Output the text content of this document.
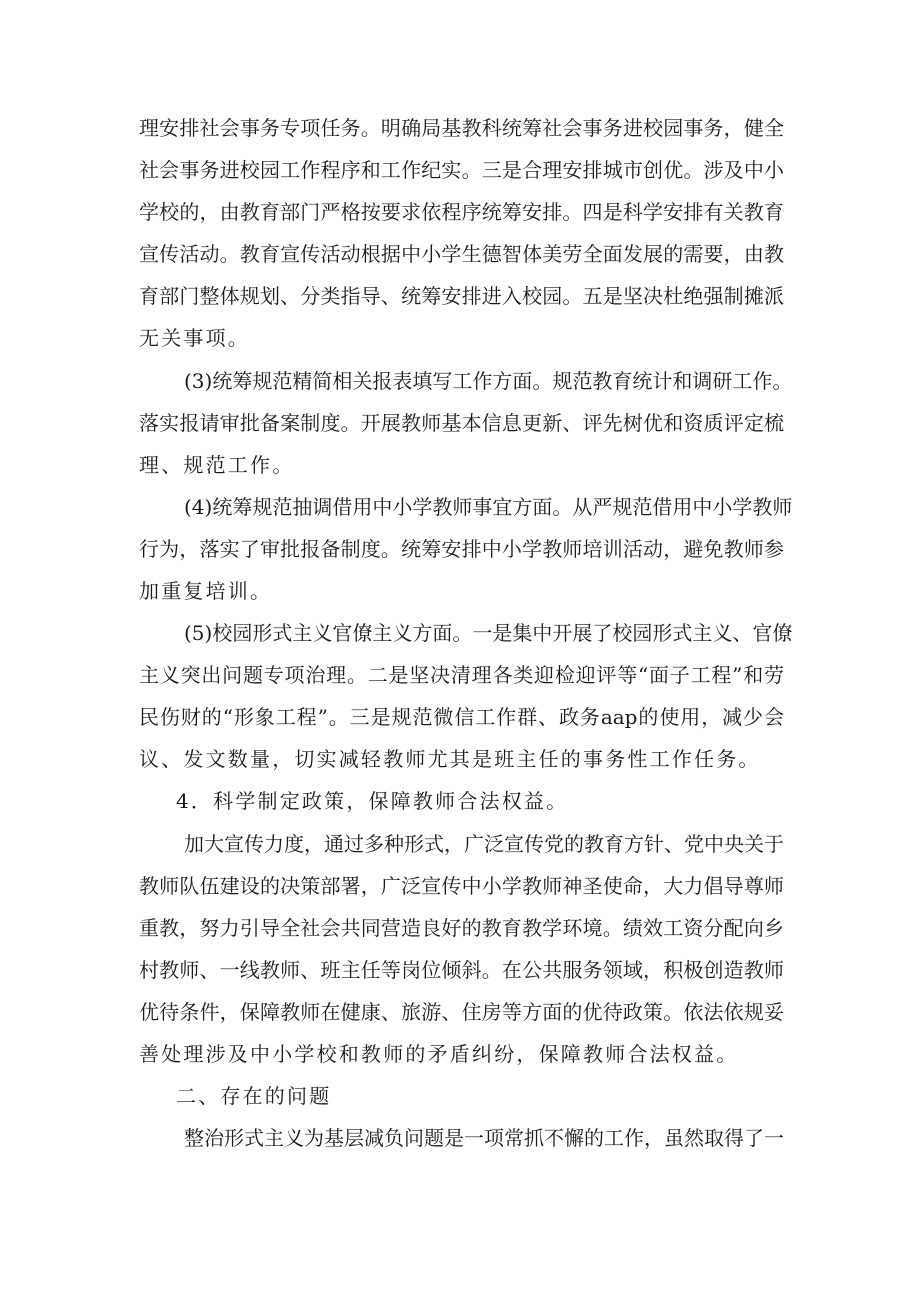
理安排社会事务专项任务。明确局基教科统筹社会事务进校园事务，健全
社会事务进校园工作程序和工作纪实。三是合理安排城市创优。涉及中小
学校的，由教育部门严格按要求依程序统筹安排。四是科学安排有关教育
宣传活动。教育宣传活动根据中小学生德智体美劳全面发展的需要，由教
育部门整体规划、分类指导、统筹安排进入校园。五是坚决杜绝强制摊派
无关事项。
(3)统筹规范精简相关报表填写工作方面。规范教育统计和调研工作。
落实报请审批备案制度。开展教师基本信息更新、评先树优和资质评定梳
理、规范工作。
(4)统筹规范抽调借用中小学教师事宜方面。从严规范借用中小学教师
行为，落实了审批报备制度。统筹安排中小学教师培训活动，避免教师参
加重复培训。
(5)校园形式主义官僚主义方面。一是集中开展了校园形式主义、官僚
主义突出问题专项治理。二是坚决清理各类迎检迎评等“面子工程”和劳
民伤财的“形象工程”。三是规范微信工作群、政务aap的使用，减少会
议、发文数量，切实减轻教师尤其是班主任的事务性工作任务。
4．科学制定政策，保障教师合法权益。
加大宣传力度，通过多种形式，广泛宣传党的教育方针、党中央关于
教师队伍建设的决策部署，广泛宣传中小学教师神圣使命，大力倡导尊师
重教，努力引导全社会共同营造良好的教育教学环境。绩效工资分配向乡
村教师、一线教师、班主任等岗位倾斜。在公共服务领域，积极创造教师
优待条件，保障教师在健康、旅游、住房等方面的优待政策。依法依规妥
善处理涉及中小学校和教师的矛盾纠纷，保障教师合法权益。
二、存在的问题
整治形式主义为基层减负问题是一项常抓不懈的工作，虽然取得了一
